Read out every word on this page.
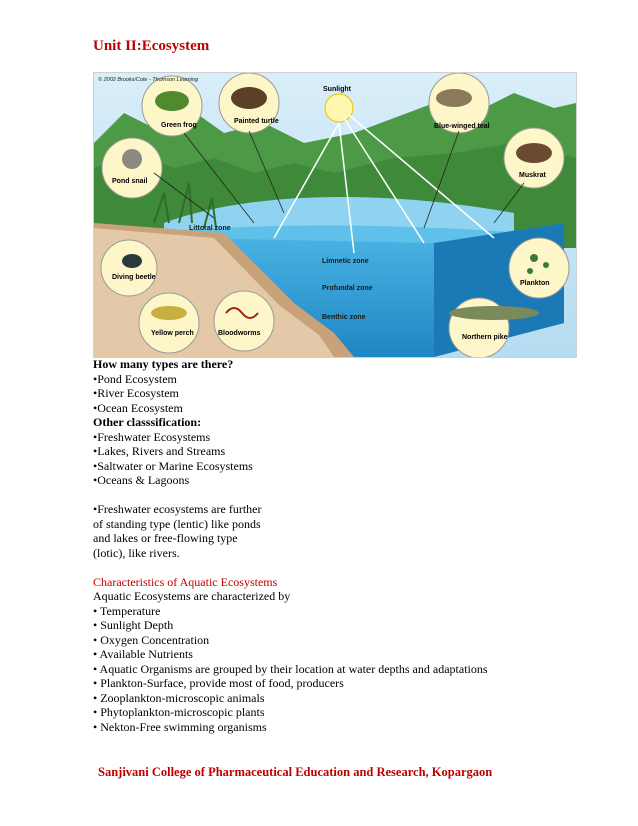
Unit II:Ecosystem
Sunlight
Green frog
Painted turtle
Blue-winged teal
Muskrat
Pond snail
Diving beetle
Yellow perch	Bloodworms
Plankton
Northern pike
Littoral zone
Limnetic zone
Profundal zone
Benthic zone
© 2002 Brooks/Cole - Thomson Learning

How many types are there?

•Pond Ecosystem

•River Ecosystem

•Ocean Ecosystem

Other classsification:

•Freshwater Ecosystems

•Lakes, Rivers and Streams

•Saltwater or Marine Ecosystems

•Oceans & Lagoons

•Freshwater ecosystems are further

of standing type (lentic) like ponds

and lakes or free-flowing type

(lotic), like rivers.

Characteristics of Aquatic Ecosystems

Aquatic Ecosystems are characterized by

• Temperature

• Sunlight Depth

• Oxygen Concentration

• Available Nutrients

• Aquatic Organisms are grouped by their location at water depths and adaptations

• Plankton-Surface, provide most of food, producers

• Zooplankton-microscopic animals

• Phytoplankton-microscopic plants

• Nekton-Free swimming organisms

Sanjivani College of Pharmaceutical Education and Research, Kopargaon
